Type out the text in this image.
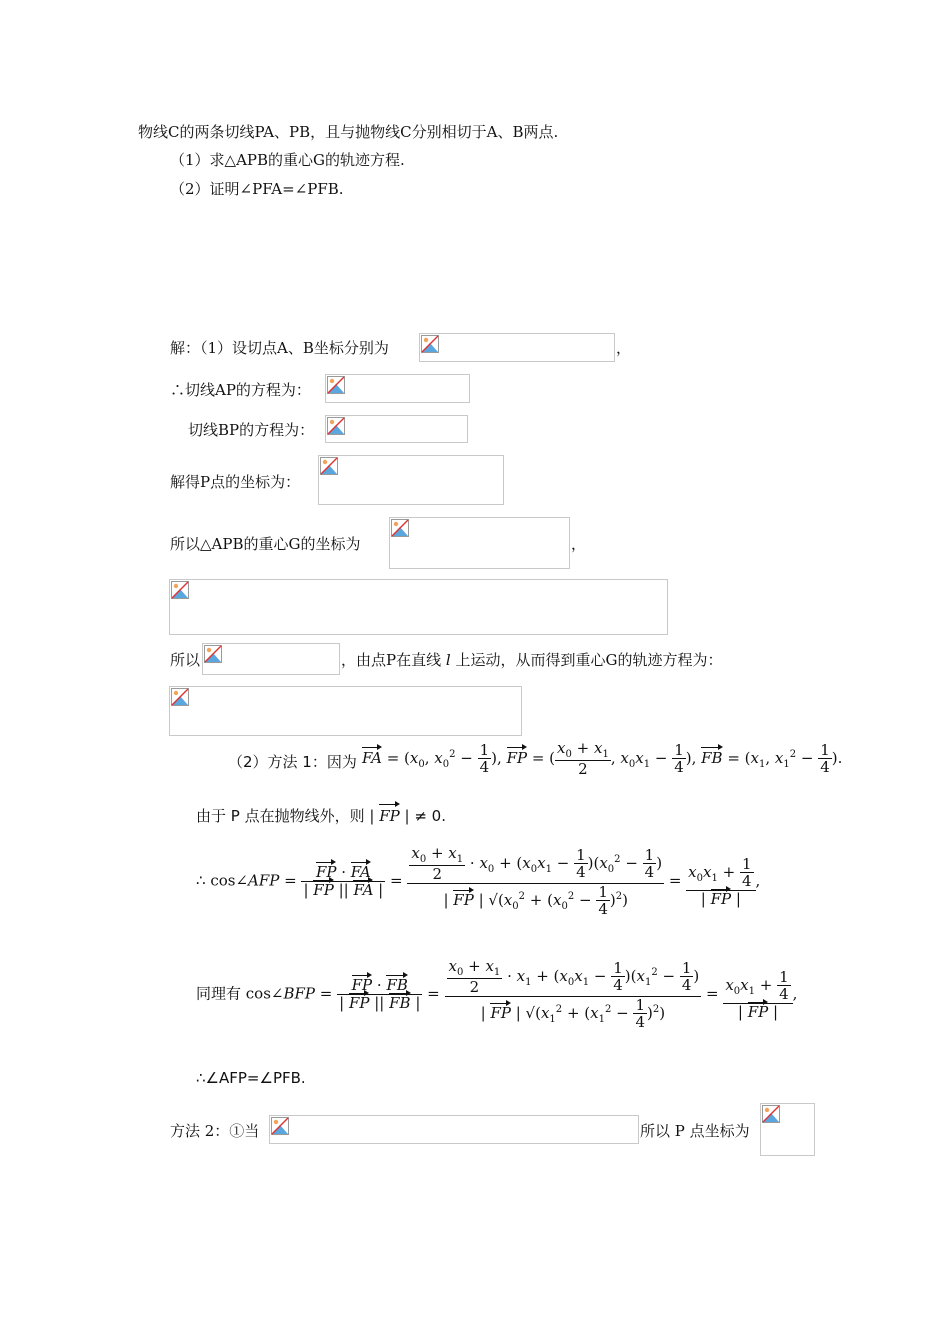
物线C的两条切线PA、PB，且与抛物线C分别相切于A、B两点.
（1）求△APB的重心G的轨迹方程.
（2）证明∠PFA=∠PFB.
解：（1）设切点A、B坐标分别为	，
∴切线AP的方程为：
切线BP的方程为：
解得P点的坐标为：
所以△APB的重心G的坐标为	，
所以	，由点P在直线 l 上运动，从而得到重心G的轨迹方程为：
（2）方法 1：因为 FA = ($x_0$, $x_0^2 - \frac{1}{4}$ ), FP = ( $\frac{x_0 + x_1}{2}$ , $x_0x_1 - \frac{1}{4}$ ), FB = ($x_1$, $x_1^2 - \frac{1}{4}$ ).
由于 P 点在抛物线外，则 | FP | ≠ 0.
∴ cos∠AFP = $\frac{FP \cdot FA}{| FP || FA |} = \frac{\frac{x_0 + x_1}{2} \cdot x_0 + (x_0x_1 - \frac{1}{4} )(x_0^2 - \frac{1}{4} )}{| FP | √(x_0^2 + (x_0^2 - \frac{1}{4} )^2)} = \frac{x_0x_1 + \frac{1}{4}}{| FP |}$ ,
同理有 cos∠BFP = $\frac{FP \cdot FB}{| FP || FB |} = \frac{\frac{x_0 + x_1}{2} \cdot x_1 + (x_0x_1 - \frac{1}{4} )(x_1^2 - \frac{1}{4} )}{| FP | √(x_1^2 + (x_1^2 - \frac{1}{4} )^2)} = \frac{x_0x_1 + \frac{1}{4}}{| FP |}$ ,
∴∠AFP=∠PFB.
方法 2：①当	所以 P 点坐标为
